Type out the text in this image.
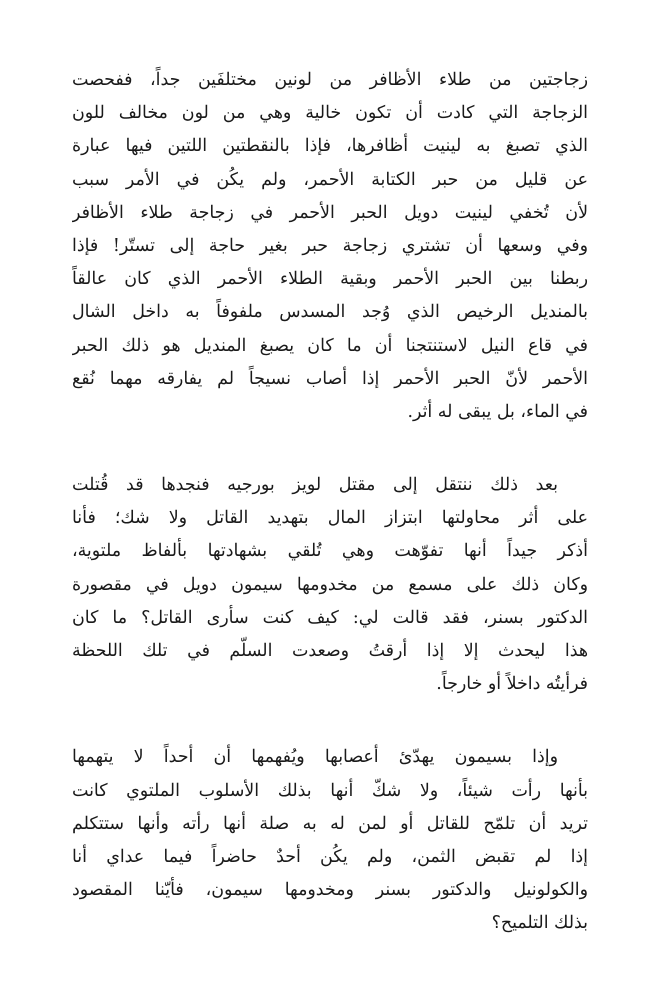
زجاجتين من طلاء الأظافر من لونين مختلفَين جداً، ففحصت
الزجاجة التي كادت أن تكون خالية وهي من لون مخالف للون
الذي تصبغ به لينيت أظافرها، فإذا بالنقطتين اللتين فيها عبارة
عن قليل من حبر الكتابة الأحمر، ولم يكُن في الأمر سبب
لأن تُخفي لينيت دويل الحبر الأحمر في زجاجة طلاء الأظافر
وفي وسعها أن تشتري زجاجة حبر بغير حاجة إلى تستّر! فإذا
ربطنا بين الحبر الأحمر وبقية الطلاء الأحمر الذي كان عالقاً
بالمنديل الرخيص الذي وُجد المسدس ملفوفاً به داخل الشال
في قاع النيل لاستنتجنا أن ما كان يصبغ المنديل هو ذلك الحبر
الأحمر لأنّ الحبر الأحمر إذا أصاب نسيجاً لم يفارقه مهما نُقع
في الماء، بل يبقى له أثر.
بعد ذلك ننتقل إلى مقتل لويز بورجيه فنجدها قد قُتلت
على أثر محاولتها ابتزاز المال بتهديد القاتل ولا شك؛ فأنا
أذكر جيداً أنها تفوّهت وهي تُلقي بشهادتها بألفاظ ملتوية،
وكان ذلك على مسمع من مخدومها سيمون دويل في مقصورة
الدكتور بسنر، فقد قالت لي: كيف كنت سأرى القاتل؟ ما كان
هذا ليحدث إلا إذا أرقتُ وصعدت السلّم في تلك اللحظة
فرأيتُه داخلاً أو خارجاً.
وإذا بسيمون يهدّئ أعصابها ويُفهمها أن أحداً لا يتهمها
بأنها رأت شيئاً، ولا شكّ أنها بذلك الأسلوب الملتوي كانت
تريد أن تلمّح للقاتل أو لمن له به صلة أنها رأته وأنها ستتكلم
إذا لم تقبض الثمن، ولم يكُن أحدٌ حاضراً فيما عداي أنا
والكولونيل والدكتور بسنر ومخدومها سيمون، فأيّنا المقصود
بذلك التلميح؟
